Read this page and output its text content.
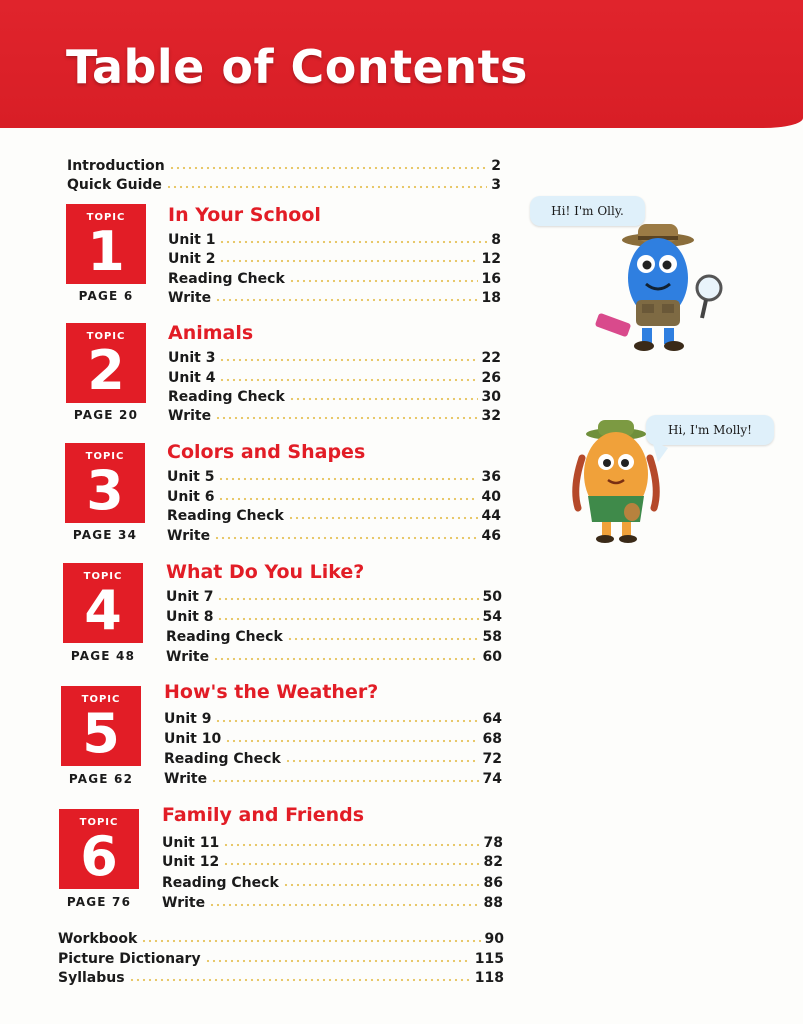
Table of Contents
Introduction	2
Quick Guide	3
TOPIC
1
PAGE 6
In Your School
Unit 1	8
Unit 2	12
Reading Check	16
Write	18
TOPIC
2
PAGE 20
Animals
Unit 3	22
Unit 4	26
Reading Check	30
Write	32
TOPIC
3
PAGE 34
Colors and Shapes
Unit 5	36
Unit 6	40
Reading Check	44
Write	46
TOPIC
4
PAGE 48
What Do You Like?
Unit 7	50
Unit 8	54
Reading Check	58
Write	60
TOPIC
5
PAGE 62
How's the Weather?
Unit 9	64
Unit 10	68
Reading Check	72
Write	74
TOPIC
6
PAGE 76
Family and Friends
Unit 11	78
Unit 12	82
Reading Check	86
Write	88
Workbook	90
Picture Dictionary	115
Syllabus	118
Hi! I'm Olly.
Hi, I'm Molly!
